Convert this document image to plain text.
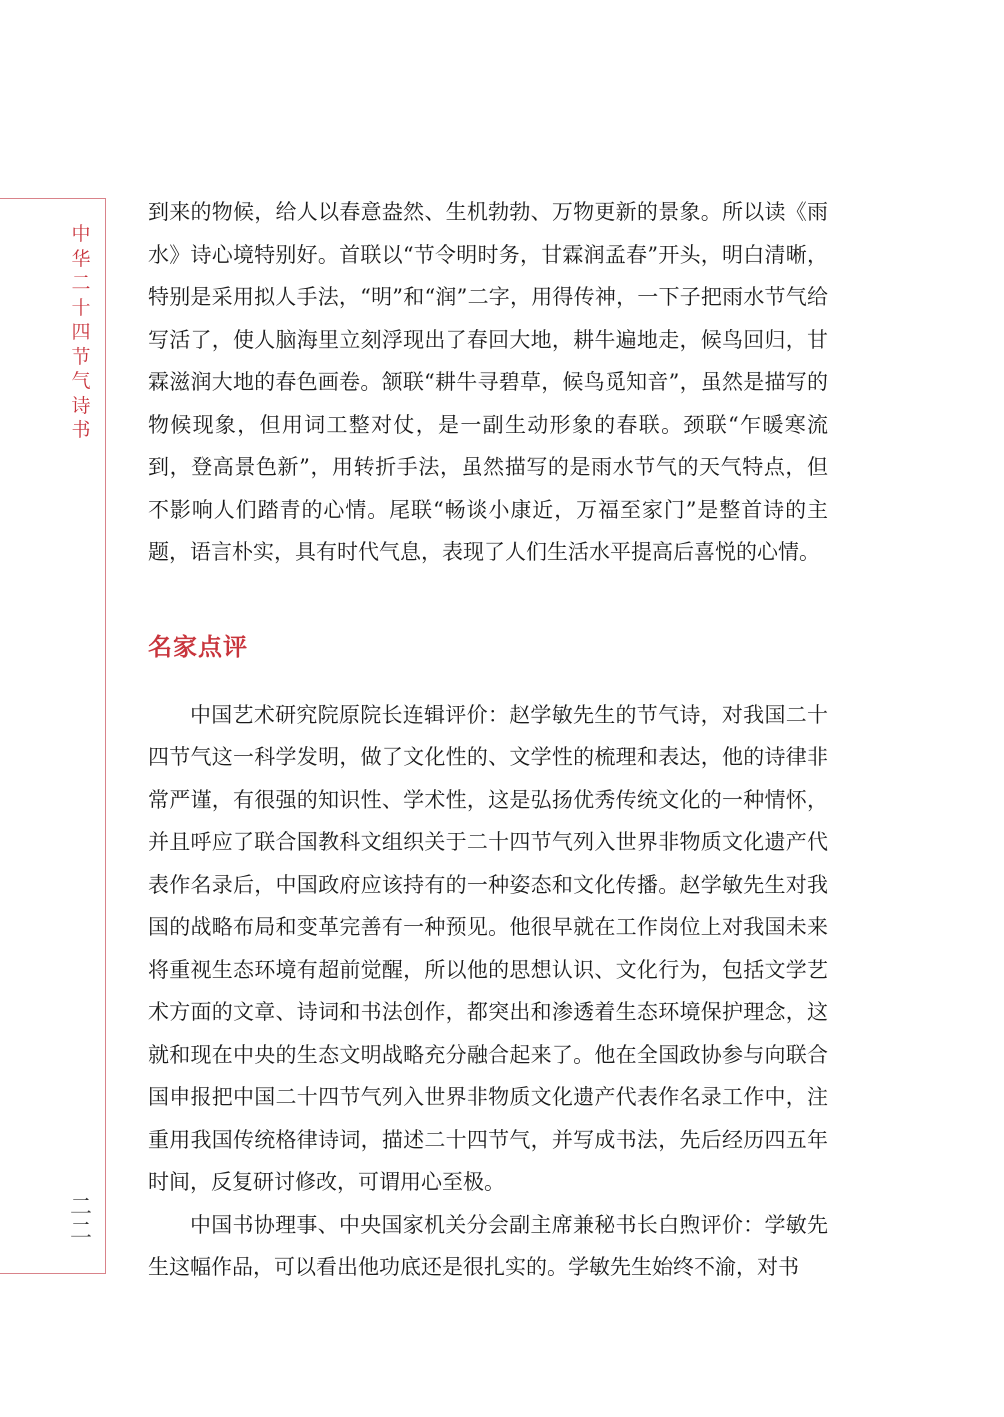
中华二十四节气诗书
二
二

到来的物候，给人以春意盎然、生机勃勃、万物更新的景象。所以读《雨水》诗心境特别好。首联以“节令明时务，甘霖润孟春”开头，明白清晰，特别是采用拟人手法，“明”和“润”二字，用得传神，一下子把雨水节气给写活了，使人脑海里立刻浮现出了春回大地，耕牛遍地走，候鸟回归，甘霖滋润大地的春色画卷。颔联“耕牛寻碧草，候鸟觅知音”，虽然是描写的物候现象，但用词工整对仗，是一副生动形象的春联。颈联“乍暖寒流到，登高景色新”，用转折手法，虽然描写的是雨水节气的天气特点，但不影响人们踏青的心情。尾联“畅谈小康近，万福至家门”是整首诗的主题，语言朴实，具有时代气息，表现了人们生活水平提高后喜悦的心情。

名家点评

中国艺术研究院原院长连辑评价：赵学敏先生的节气诗，对我国二十四节气这一科学发明，做了文化性的、文学性的梳理和表达，他的诗律非常严谨，有很强的知识性、学术性，这是弘扬优秀传统文化的一种情怀，并且呼应了联合国教科文组织关于二十四节气列入世界非物质文化遗产代表作名录后，中国政府应该持有的一种姿态和文化传播。赵学敏先生对我国的战略布局和变革完善有一种预见。他很早就在工作岗位上对我国未来将重视生态环境有超前觉醒，所以他的思想认识、文化行为，包括文学艺术方面的文章、诗词和书法创作，都突出和渗透着生态环境保护理念，这就和现在中央的生态文明战略充分融合起来了。他在全国政协参与向联合国申报把中国二十四节气列入世界非物质文化遗产代表作名录工作中，注重用我国传统格律诗词，描述二十四节气，并写成书法，先后经历四五年时间，反复研讨修改，可谓用心至极。

中国书协理事、中央国家机关分会副主席兼秘书长白煦评价：学敏先生这幅作品，可以看出他功底还是很扎实的。学敏先生始终不渝，对书
